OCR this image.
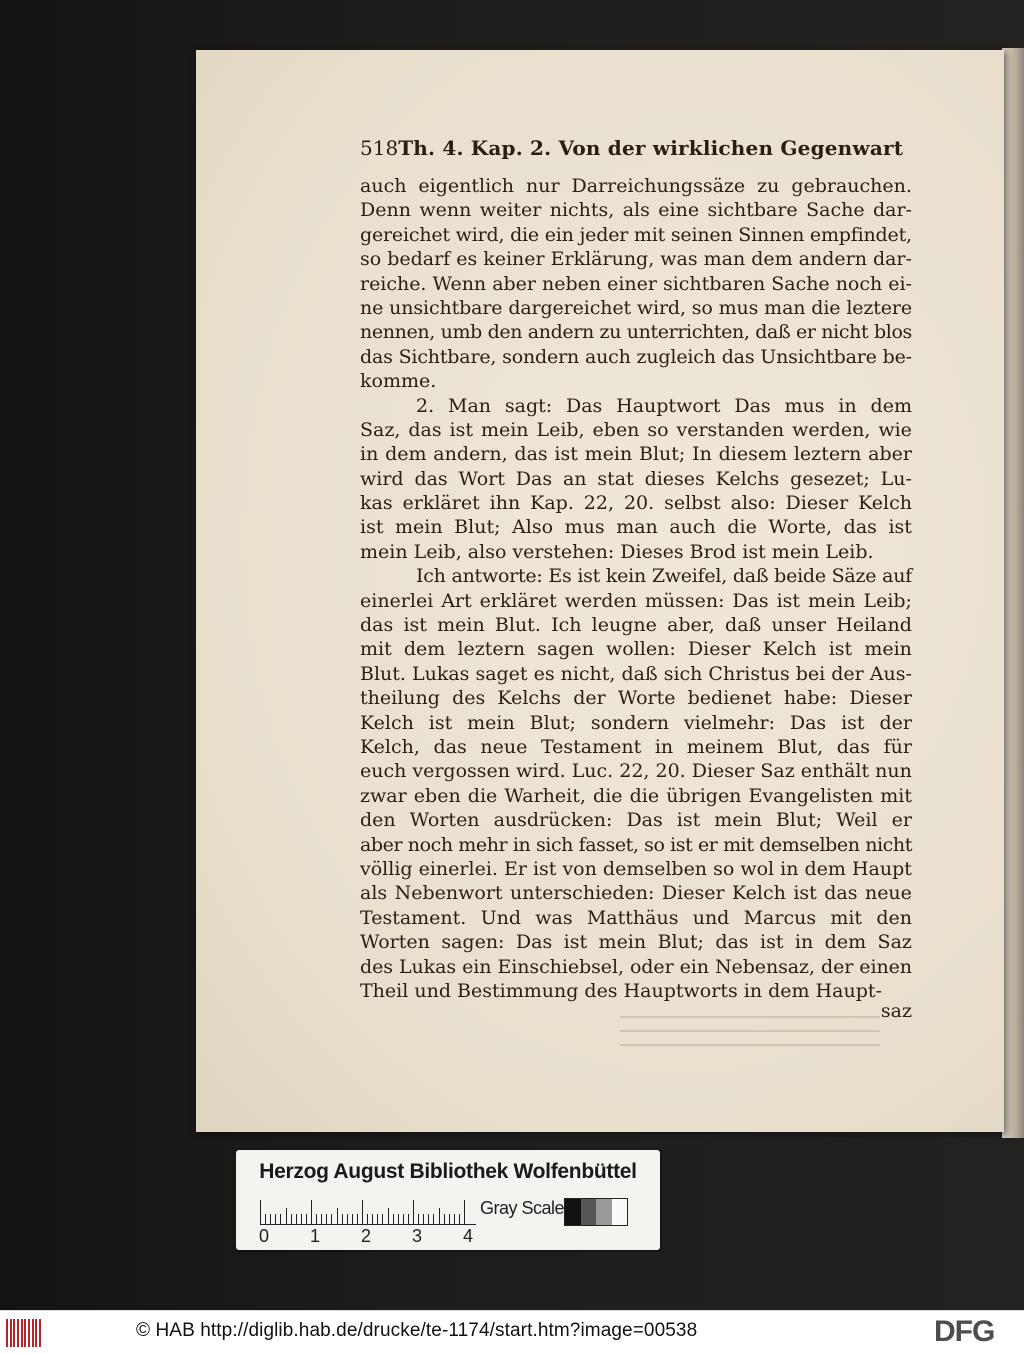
518 Th. 4. Kap. 2. Von der wirklichen Gegenwart
auch eigentlich nur Darreichungssäze zu gebrauchen.
Denn wenn weiter nichts, als eine sichtbare Sache dar-
gereichet wird, die ein jeder mit seinen Sinnen empfindet,
so bedarf es keiner Erklärung, was man dem andern dar-
reiche. Wenn aber neben einer sichtbaren Sache noch ei-
ne unsichtbare dargereichet wird, so mus man die leztere
nennen, umb den andern zu unterrichten, daß er nicht blos
das Sichtbare, sondern auch zugleich das Unsichtbare be-
komme.
2. Man sagt: Das Hauptwort Das mus in dem
Saz, das ist mein Leib, eben so verstanden werden, wie
in dem andern, das ist mein Blut; In diesem leztern aber
wird das Wort Das an stat dieses Kelchs gesezet; Lu-
kas erkläret ihn Kap. 22, 20. selbst also: Dieser Kelch
ist mein Blut; Also mus man auch die Worte, das ist
mein Leib, also verstehen: Dieses Brod ist mein Leib.
Ich antworte: Es ist kein Zweifel, daß beide Säze auf
einerlei Art erkläret werden müssen: Das ist mein Leib;
das ist mein Blut. Ich leugne aber, daß unser Heiland
mit dem leztern sagen wollen: Dieser Kelch ist mein
Blut. Lukas saget es nicht, daß sich Christus bei der Aus-
theilung des Kelchs der Worte bedienet habe: Dieser
Kelch ist mein Blut; sondern vielmehr: Das ist der
Kelch, das neue Testament in meinem Blut, das für
euch vergossen wird. Luc. 22, 20. Dieser Saz enthält nun
zwar eben die Warheit, die die übrigen Evangelisten mit
den Worten ausdrücken: Das ist mein Blut; Weil er
aber noch mehr in sich fasset, so ist er mit demselben nicht
völlig einerlei. Er ist von demselben so wol in dem Haupt
als Nebenwort unterschieden: Dieser Kelch ist das neue
Testament. Und was Matthäus und Marcus mit den
Worten sagen: Das ist mein Blut; das ist in dem Saz
des Lukas ein Einschiebsel, oder ein Nebensaz, der einen
Theil und Bestimmung des Hauptworts in dem Haupt-
saz
Herzog August Bibliothek Wolfenbüttel
0 1 2 3 4
Gray Scale
© HAB http://diglib.hab.de/drucke/te-1174/start.htm?image=00538	DFG
